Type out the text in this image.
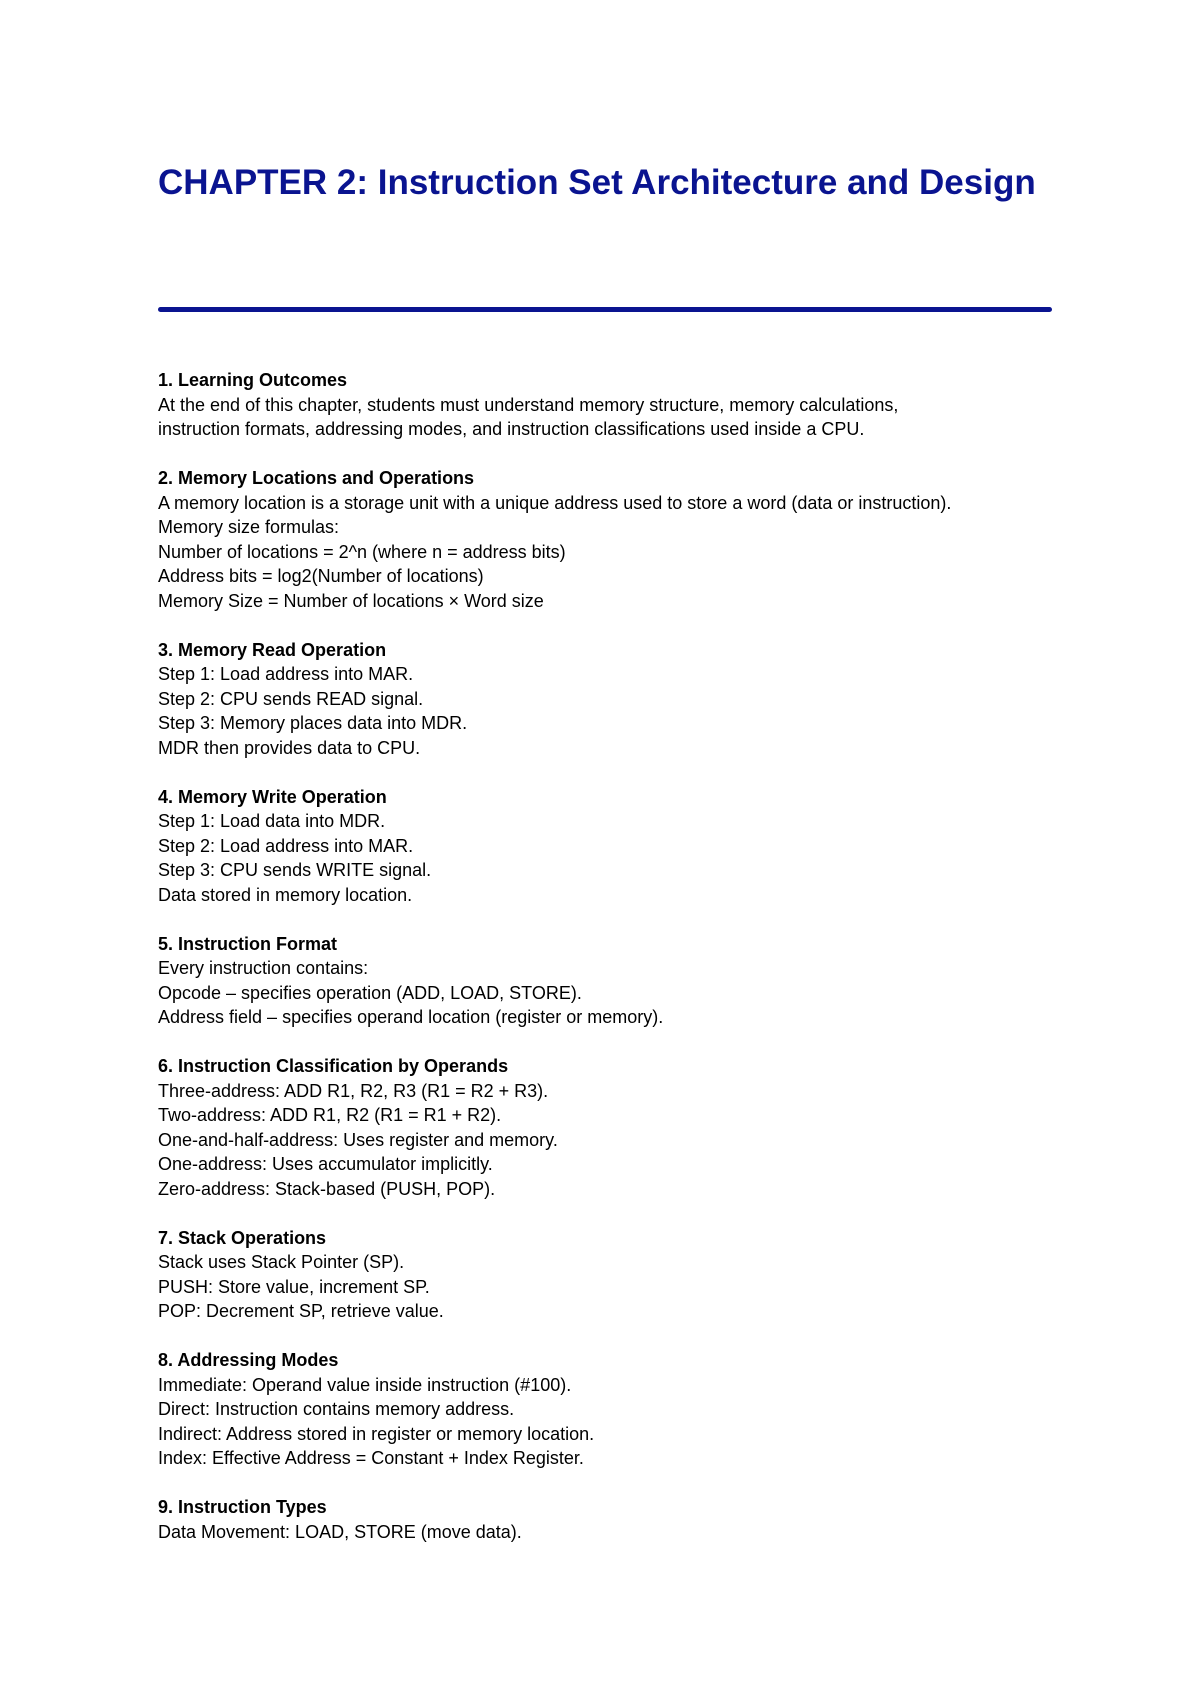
CHAPTER 2: Instruction Set Architecture and Design
1. Learning Outcomes
At the end of this chapter, students must understand memory structure, memory calculations,
instruction formats, addressing modes, and instruction classifications used inside a CPU.
2. Memory Locations and Operations
A memory location is a storage unit with a unique address used to store a word (data or instruction).
Memory size formulas:
Number of locations = 2^n (where n = address bits)
Address bits = log2(Number of locations)
Memory Size = Number of locations × Word size
3. Memory Read Operation
Step 1: Load address into MAR.
Step 2: CPU sends READ signal.
Step 3: Memory places data into MDR.
MDR then provides data to CPU.
4. Memory Write Operation
Step 1: Load data into MDR.
Step 2: Load address into MAR.
Step 3: CPU sends WRITE signal.
Data stored in memory location.
5. Instruction Format
Every instruction contains:
Opcode – specifies operation (ADD, LOAD, STORE).
Address field – specifies operand location (register or memory).
6. Instruction Classification by Operands
Three-address: ADD R1, R2, R3 (R1 = R2 + R3).
Two-address: ADD R1, R2 (R1 = R1 + R2).
One-and-half-address: Uses register and memory.
One-address: Uses accumulator implicitly.
Zero-address: Stack-based (PUSH, POP).
7. Stack Operations
Stack uses Stack Pointer (SP).
PUSH: Store value, increment SP.
POP: Decrement SP, retrieve value.
8. Addressing Modes
Immediate: Operand value inside instruction (#100).
Direct: Instruction contains memory address.
Indirect: Address stored in register or memory location.
Index: Effective Address = Constant + Index Register.
9. Instruction Types
Data Movement: LOAD, STORE (move data).
